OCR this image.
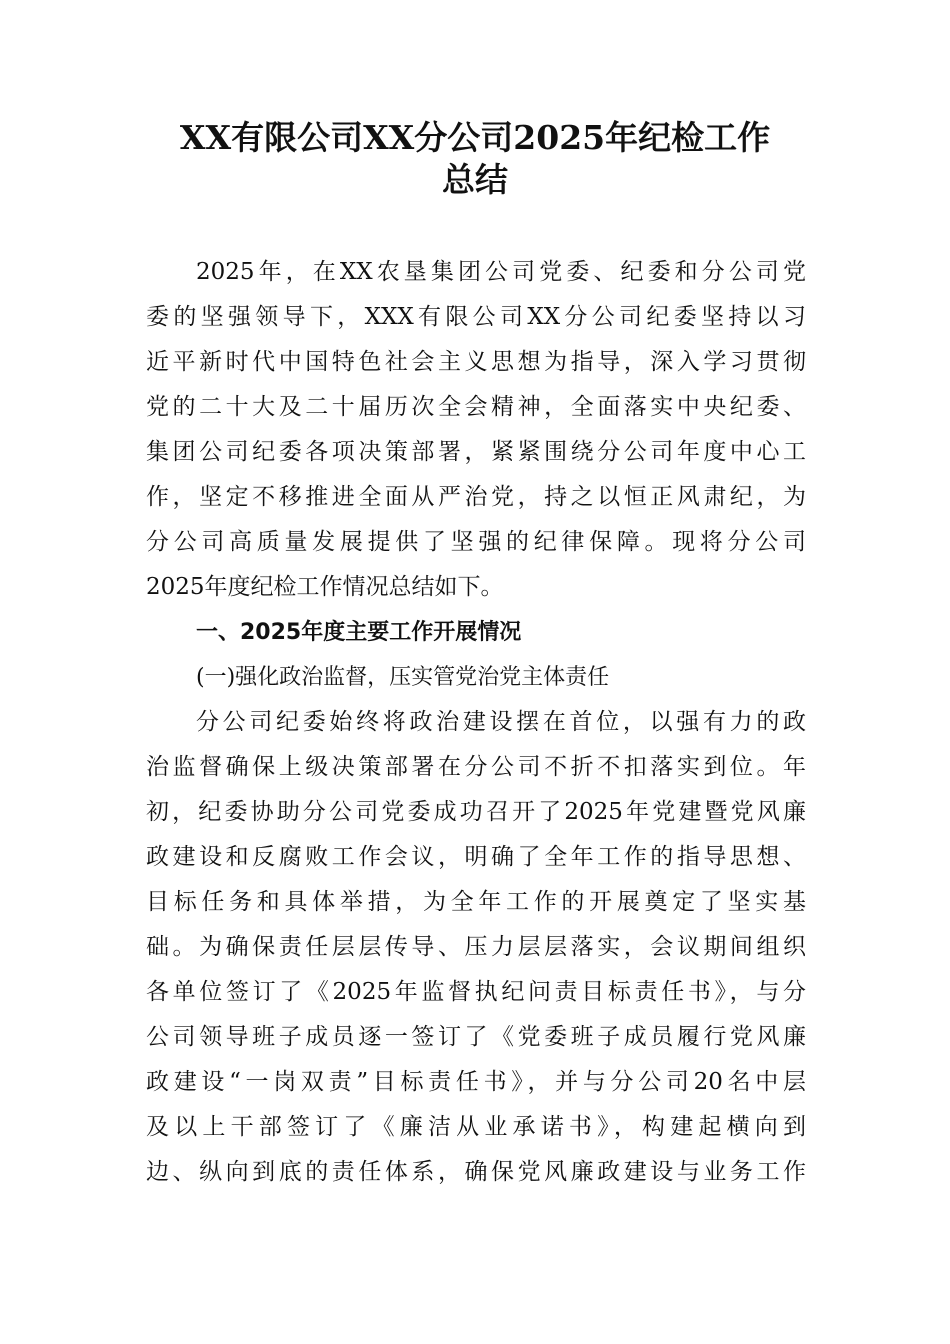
XX有限公司XX分公司2025年纪检工作
总结
2025年，在XX农垦集团公司党委、纪委和分公司党
委的坚强领导下，XXX有限公司XX分公司纪委坚持以习
近平新时代中国特色社会主义思想为指导，深入学习贯彻
党的二十大及二十届历次全会精神，全面落实中央纪委、
集团公司纪委各项决策部署，紧紧围绕分公司年度中心工
作，坚定不移推进全面从严治党，持之以恒正风肃纪，为
分公司高质量发展提供了坚强的纪律保障。现将分公司
2025年度纪检工作情况总结如下。
一、2025年度主要工作开展情况
(一)强化政治监督，压实管党治党主体责任
分公司纪委始终将政治建设摆在首位，以强有力的政
治监督确保上级决策部署在分公司不折不扣落实到位。年
初，纪委协助分公司党委成功召开了2025年党建暨党风廉
政建设和反腐败工作会议，明确了全年工作的指导思想、
目标任务和具体举措，为全年工作的开展奠定了坚实基
础。为确保责任层层传导、压力层层落实，会议期间组织
各单位签订了《2025年监督执纪问责目标责任书》，与分
公司领导班子成员逐一签订了《党委班子成员履行党风廉
政建设“一岗双责”目标责任书》，并与分公司20名中层
及以上干部签订了《廉洁从业承诺书》，构建起横向到
边、纵向到底的责任体系，确保党风廉政建设与业务工作
